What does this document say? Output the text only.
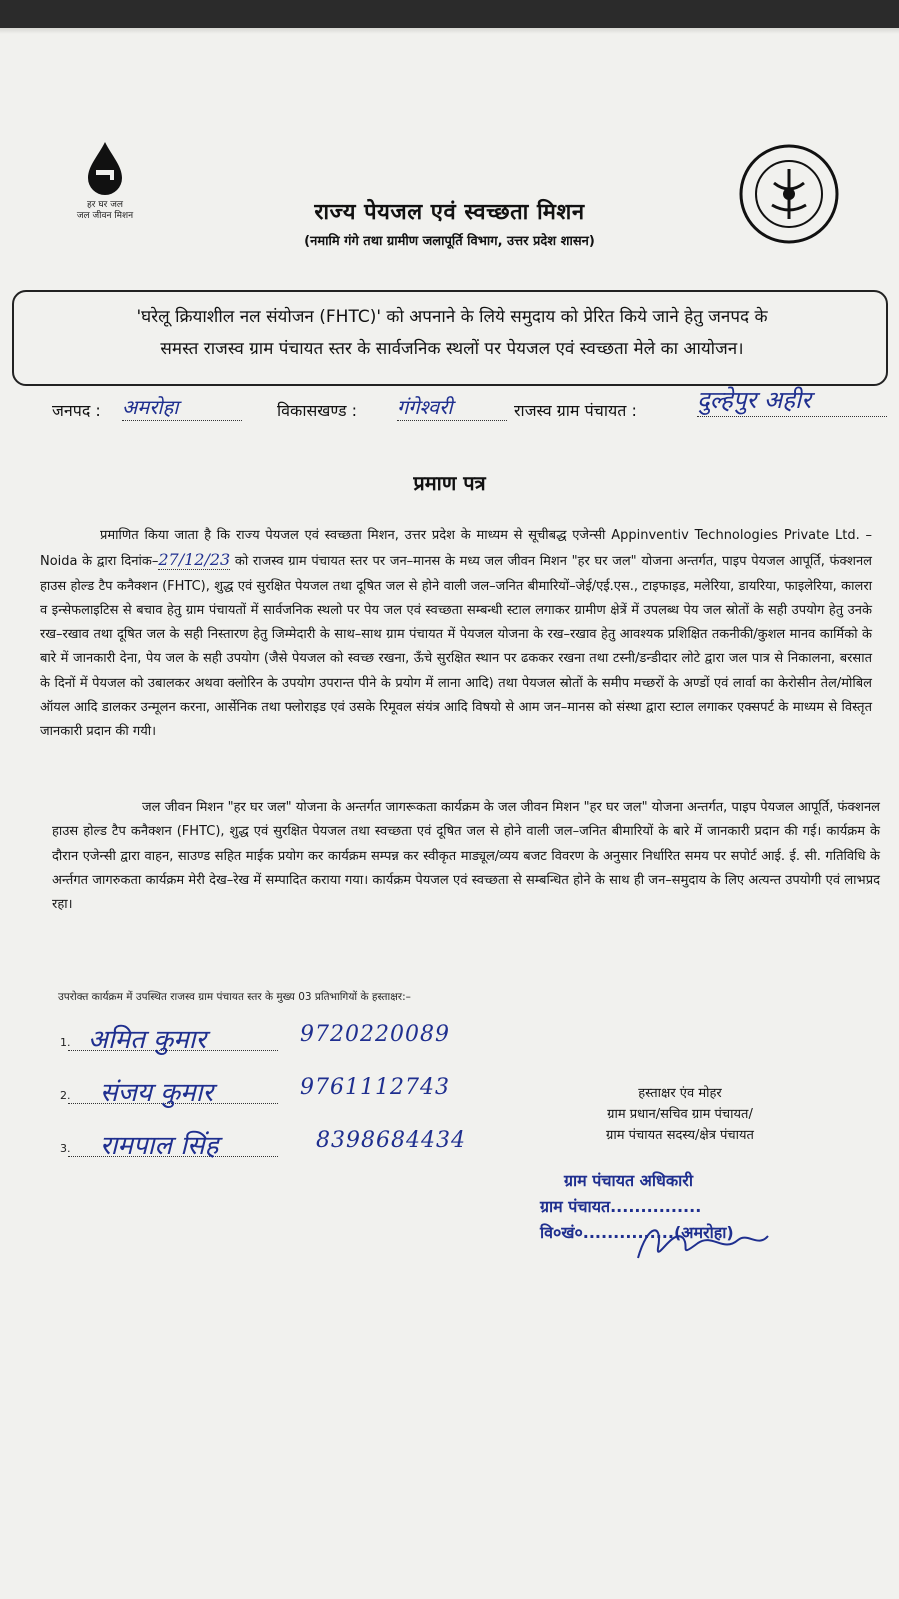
हर घर जल
जल जीवन मिशन	राज्य पेयजल एवं स्वच्छता मिशन
(नमामि गंगे तथा ग्रामीण जलापूर्ति विभाग, उत्तर प्रदेश शासन)

'घरेलू क्रियाशील नल संयोजन (FHTC)' को अपनाने के लिये समुदाय को प्रेरित किये जाने हेतु जनपद के

समस्त राजस्व ग्राम पंचायत स्तर के सार्वजनिक स्थलों पर पेयजल एवं स्वच्छता मेले का आयोजन।

जनपद : अमरोहा	विकासखण्ड : गंगेश्वरी	राजस्व ग्राम पंचायत :	दुल्हेपुर अहीर
प्रमाण पत्र
प्रमाणित किया जाता है कि राज्य पेयजल एवं स्वच्छता मिशन, उत्तर प्रदेश के माध्यम से सूचीबद्ध एजेन्सी Appinventiv Technologies Private Ltd. – Noida के द्वारा दिनांक–27/12/23 को राजस्व ग्राम पंचायत स्तर पर जन–मानस के मध्य जल जीवन मिशन "हर घर जल" योजना अन्तर्गत, पाइप पेयजल आपूर्ति, फंक्शनल हाउस होल्ड टैप कनैक्शन (FHTC), शुद्ध एवं सुरक्षित पेयजल तथा दूषित जल से होने वाली जल–जनित बीमारियों–जेई/एई.एस., टाइफाइड, मलेरिया, डायरिया, फाइलेरिया, कालरा व इन्सेफलाइटिस से बचाव हेतु ग्राम पंचायतों में सार्वजनिक स्थलो पर पेय जल एवं स्वच्छता सम्बन्धी स्टाल लगाकर ग्रामीण क्षेत्रें में उपलब्ध पेय जल स्रोतों के सही उपयोग हेतु उनके रख–रखाव तथा दूषित जल के सही निस्तारण हेतु जिम्मेदारी के साथ–साथ ग्राम पंचायत में पेयजल योजना के रख–रखाव हेतु आवश्यक प्रशिक्षित तकनीकी/कुशल मानव कार्मिको के बारे में जानकारी देना, पेय जल के सही उपयोग (जैसे पेयजल को स्वच्छ रखना, ऊँचे सुरक्षित स्थान पर ढककर रखना तथा टस्नी/डन्डीदार लोटे द्वारा जल पात्र से निकालना, बरसात के दिनों में पेयजल को उबालकर अथवा क्लोरिन के उपयोग उपरान्त पीने के प्रयोग में लाना आदि) तथा पेयजल स्रोतों के समीप मच्छरों के अण्डों एवं लार्वा का केरोसीन तेल/मोबिल ऑयल आदि डालकर उन्मूलन करना, आर्सेनिक तथा फ्लोराइड एवं उसके रिमूवल संयंत्र आदि विषयो से आम जन–मानस को संस्था द्वारा स्टाल लगाकर एक्सपर्ट के माध्यम से विस्तृत जानकारी प्रदान की गयी।
जल जीवन मिशन "हर घर जल" योजना के अन्तर्गत जागरूकता कार्यक्रम के जल जीवन मिशन "हर घर जल" योजना अन्तर्गत, पाइप पेयजल आपूर्ति, फंक्शनल हाउस होल्ड टैप कनैक्शन (FHTC), शुद्ध एवं सुरक्षित पेयजल तथा स्वच्छता एवं दूषित जल से होने वाली जल–जनित बीमारियों के बारे में जानकारी प्रदान की गई। कार्यक्रम के दौरान एजेन्सी द्वारा वाहन, साउण्ड सहित माईक प्रयोग कर कार्यक्रम सम्पन्न कर स्वीकृत माड्यूल/व्यय बजट विवरण के अनुसार निर्धारित समय पर सपोर्ट आई. ई. सी. गतिविधि के अर्न्तगत जागरुकता कार्यक्रम मेरी देख–रेख में सम्पादित कराया गया। कार्यक्रम पेयजल एवं स्वच्छता से सम्बन्धित होने के साथ ही जन–समुदाय के लिए अत्यन्त उपयोगी एवं लाभप्रद रहा।
उपरोक्त कार्यक्रम में उपस्थित राजस्व ग्राम पंचायत स्तर के मुख्य 03 प्रतिभागियों के हस्ताक्षर:–
1. अमित कुमार	9720220089
2. संजय कुमार	9761112743
3. रामपाल सिंह	8398684434
हस्ताक्षर एंव मोहर
ग्राम प्रधान/सचिव ग्राम पंचायत/
ग्राम पंचायत सदस्य/क्षेत्र पंचायत
ग्राम पंचायत अधिकारी
ग्राम पंचायत...............
वि०खं०...............(अमरोहा)
